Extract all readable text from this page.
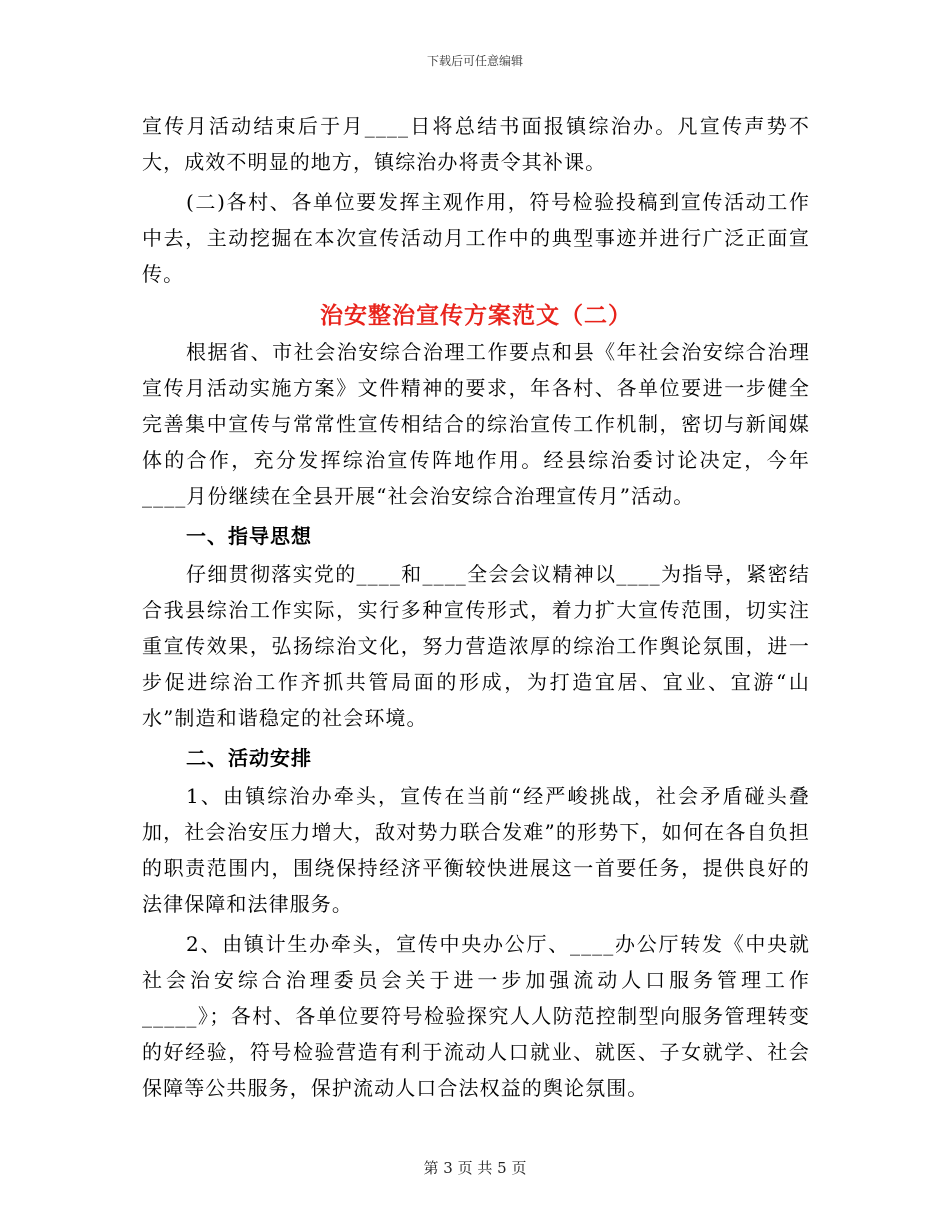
下载后可任意编辑

宣传月活动结束后于月____日将总结书面报镇综治办。凡宣传声势不大，成效不明显的地方，镇综治办将责令其补课。

(二)各村、各单位要发挥主观作用，符号检验投稿到宣传活动工作中去，主动挖掘在本次宣传活动月工作中的典型事迹并进行广泛正面宣传。

治安整治宣传方案范文（二）

根据省、市社会治安综合治理工作要点和县《年社会治安综合治理宣传月活动实施方案》文件精神的要求，年各村、各单位要进一步健全完善集中宣传与常常性宣传相结合的综治宣传工作机制，密切与新闻媒体的合作，充分发挥综治宣传阵地作用。经县综治委讨论决定，今年____月份继续在全县开展“社会治安综合治理宣传月”活动。

一、指导思想

仔细贯彻落实党的____和____全会会议精神以____为指导，紧密结合我县综治工作实际，实行多种宣传形式，着力扩大宣传范围，切实注重宣传效果，弘扬综治文化，努力营造浓厚的综治工作舆论氛围，进一步促进综治工作齐抓共管局面的形成，为打造宜居、宜业、宜游“山水”制造和谐稳定的社会环境。

二、活动安排

1、由镇综治办牵头，宣传在当前“经严峻挑战，社会矛盾碰头叠加，社会治安压力增大，敌对势力联合发难”的形势下，如何在各自负担的职责范围内，围绕保持经济平衡较快进展这一首要任务，提供良好的法律保障和法律服务。

2、由镇计生办牵头，宣传中央办公厅、____办公厅转发《中央就社会治安综合治理委员会关于进一步加强流动人口服务管理工作_____》；各村、各单位要符号检验探究人人防范控制型向服务管理转变的好经验，符号检验营造有利于流动人口就业、就医、子女就学、社会保障等公共服务，保护流动人口合法权益的舆论氛围。

第 3 页 共 5 页
